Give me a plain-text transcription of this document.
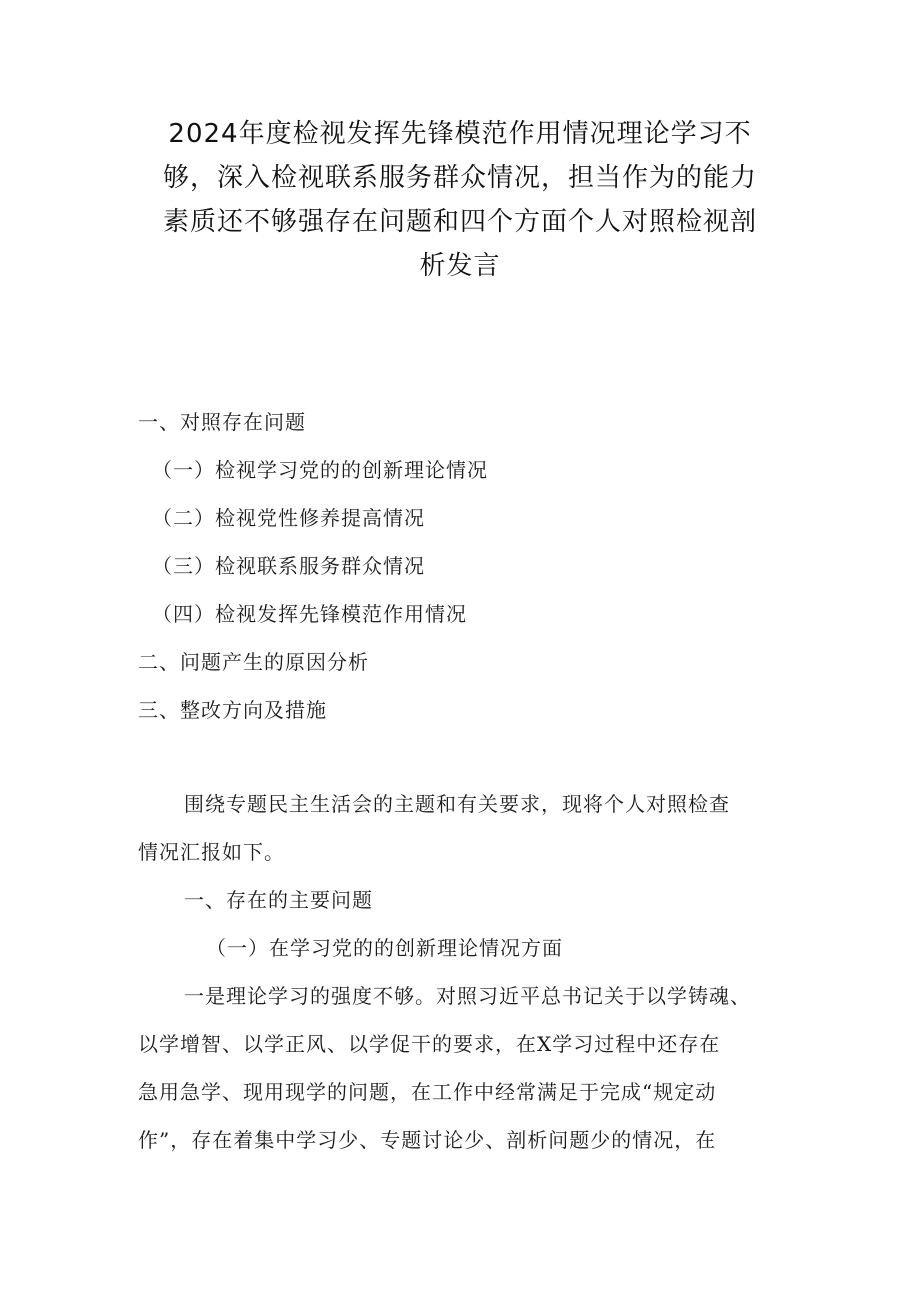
2024年度检视发挥先锋模范作用情况理论学习不
够，深入检视联系服务群众情况，担当作为的能力
素质还不够强存在问题和四个方面个人对照检视剖
析发言
一、对照存在问题
（一）检视学习党的的创新理论情况
（二）检视党性修养提高情况
（三）检视联系服务群众情况
（四）检视发挥先锋模范作用情况
二、问题产生的原因分析
三、整改方向及措施

围绕专题民主生活会的主题和有关要求，现将个人对照检查
情况汇报如下。

一、存在的主要问题

（一）在学习党的的创新理论情况方面

一是理论学习的强度不够。对照习近平总书记关于以学铸魂、
以学增智、以学正风、以学促干的要求，在X学习过程中还存在
急用急学、现用现学的问题，在工作中经常满足于完成“规定动
作”，存在着集中学习少、专题讨论少、剖析问题少的情况，在
